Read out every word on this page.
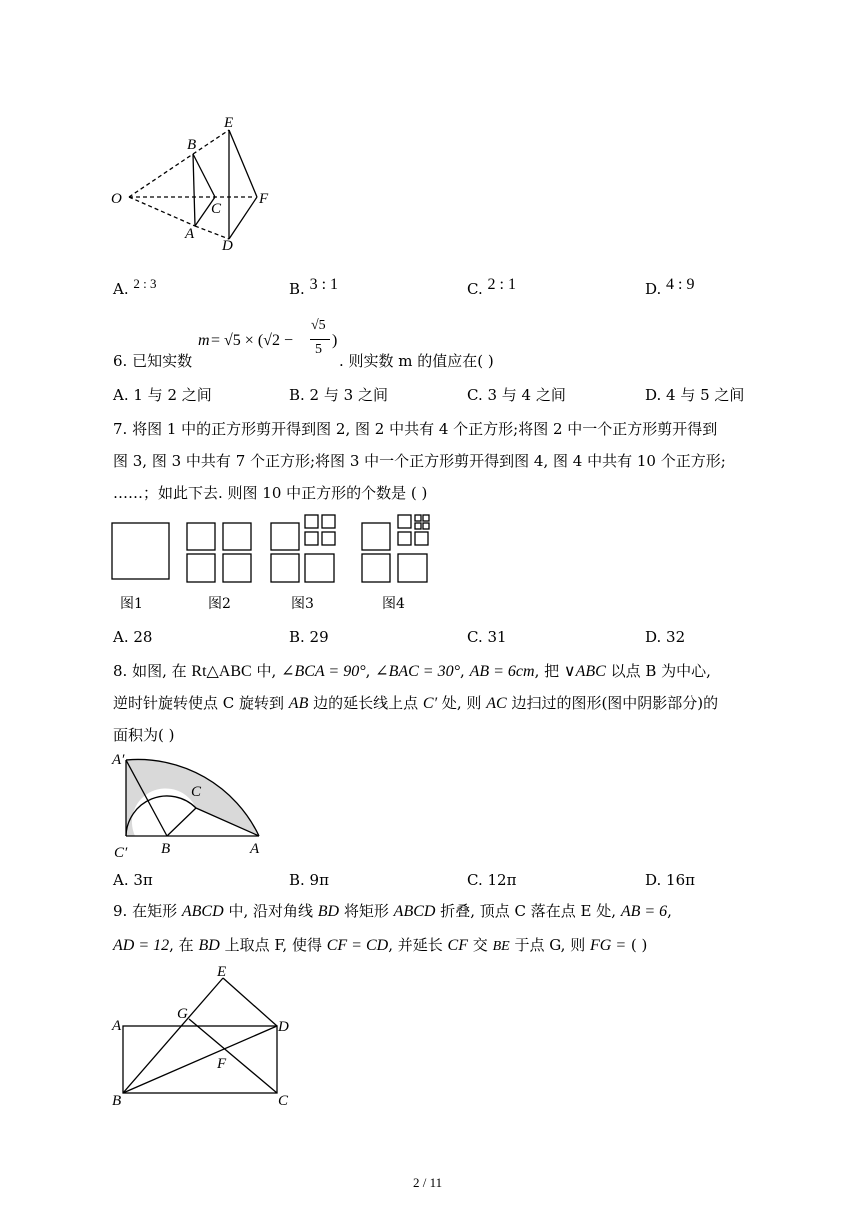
O
A
B
C
D
E
F
A. 2 : 3	B. 3 : 1	C. 2 : 1	D. 4 : 9
6. 已知实数
m = √5 × (√2 −
√5
5
)
. 则实数 m 的值应在( )
A. 1 与 2 之间	B. 2 与 3 之间	C. 3 与 4 之间	D. 4 与 5 之间
7. 将图 1 中的正方形剪开得到图 2, 图 2 中共有 4 个正方形;将图 2 中一个正方形剪开得到
图 3, 图 3 中共有 7 个正方形;将图 3 中一个正方形剪开得到图 4, 图 4 中共有 10 个正方形;
……；如此下去. 则图 10 中正方形的个数是 ( )
图1	图2	图3	图4
A. 28	B. 29	C. 31	D. 32
8. 如图, 在 Rt△ABC 中, ∠BCA = 90°, ∠BAC = 30°, AB = 6cm, 把 ∨ABC 以点 B 为中心,
逆时针旋转使点 C 旋转到 AB 边的延长线上点 C′ 处, 则 AC 边扫过的图形(图中阴影部分)的
面积为( )
A′
C
B	A
C′
A. 3π	B. 9π	C. 12π	D. 16π
9. 在矩形 ABCD 中, 沿对角线 BD 将矩形 ABCD 折叠, 顶点 C 落在点 E 处, AB = 6,
AD = 12, 在 BD 上取点 F, 使得 CF = CD, 并延长 CF 交 BE 于点 G, 则 FG = ( )
A	D
B	C
E
G
F
2 / 11
